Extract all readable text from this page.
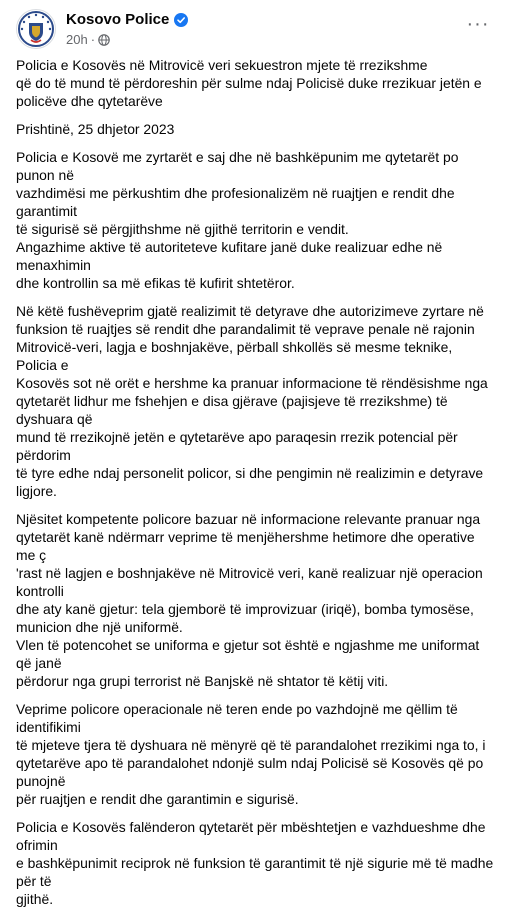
Kosovo Police
20h ·
···

Policia e Kosovës në Mitrovicë veri sekuestron mjete të rrezikshme
që do të mund të përdoreshin për sulme ndaj Policisë duke rrezikuar jetën e
policëve dhe qytetarëve

Prishtinë, 25 dhjetor 2023

Policia e Kosovë me zyrtarët e saj dhe në bashkëpunim me qytetarët po punon në
vazhdimësi me përkushtim dhe profesionalizëm në ruajtjen e rendit dhe garantimit
të sigurisë së përgjithshme në gjithë territorin e vendit.
Angazhime aktive të autoriteteve kufitare janë duke realizuar edhe në menaxhimin
dhe kontrollin sa më efikas të kufirit shtetëror.

Në këtë fushëveprim gjatë realizimit të detyrave dhe autorizimeve zyrtare në
funksion të ruajtjes së rendit dhe parandalimit të veprave penale në rajonin
Mitrovicë-veri, lagja e boshnjakëve, përball shkollës së mesme teknike, Policia e
Kosovës sot në orët e hershme ka pranuar informacione të rëndësishme nga
qytetarët lidhur me fshehjen e disa gjërave (pajisjeve të rrezikshme) të dyshuara që
mund të rrezikojnë jetën e qytetarëve apo paraqesin rrezik potencial për përdorim
të tyre edhe ndaj personelit policor, si dhe pengimin në realizimin e detyrave ligjore.

Njësitet kompetente policore bazuar në informacione relevante pranuar nga
qytetarët kanë ndërmarr veprime të menjëhershme hetimore dhe operative me ç
'rast në lagjen e boshnjakëve në Mitrovicë veri, kanë realizuar një operacion kontrolli
dhe aty kanë gjetur: tela gjemborë të improvizuar (iriqë), bomba tymosëse,
municion dhe një uniformë.
Vlen të potencohet se uniforma e gjetur sot është e ngjashme me uniformat që janë
përdorur nga grupi terrorist në Banjskë në shtator të këtij viti.

Veprime policore operacionale në teren ende po vazhdojnë me qëllim të identifikimi
të mjeteve tjera të dyshuara në mënyrë që të parandalohet rrezikimi nga to, i
qytetarëve apo të parandalohet ndonjë sulm ndaj Policisë së Kosovës që po punojnë
për ruajtjen e rendit dhe garantimin e sigurisë.

Policia e Kosovës falënderon qytetarët për mbështetjen e vazhdueshme dhe ofrimin
e bashkëpunimit reciprok në funksion të garantimit të një sigurie më të madhe për të
gjithë.
